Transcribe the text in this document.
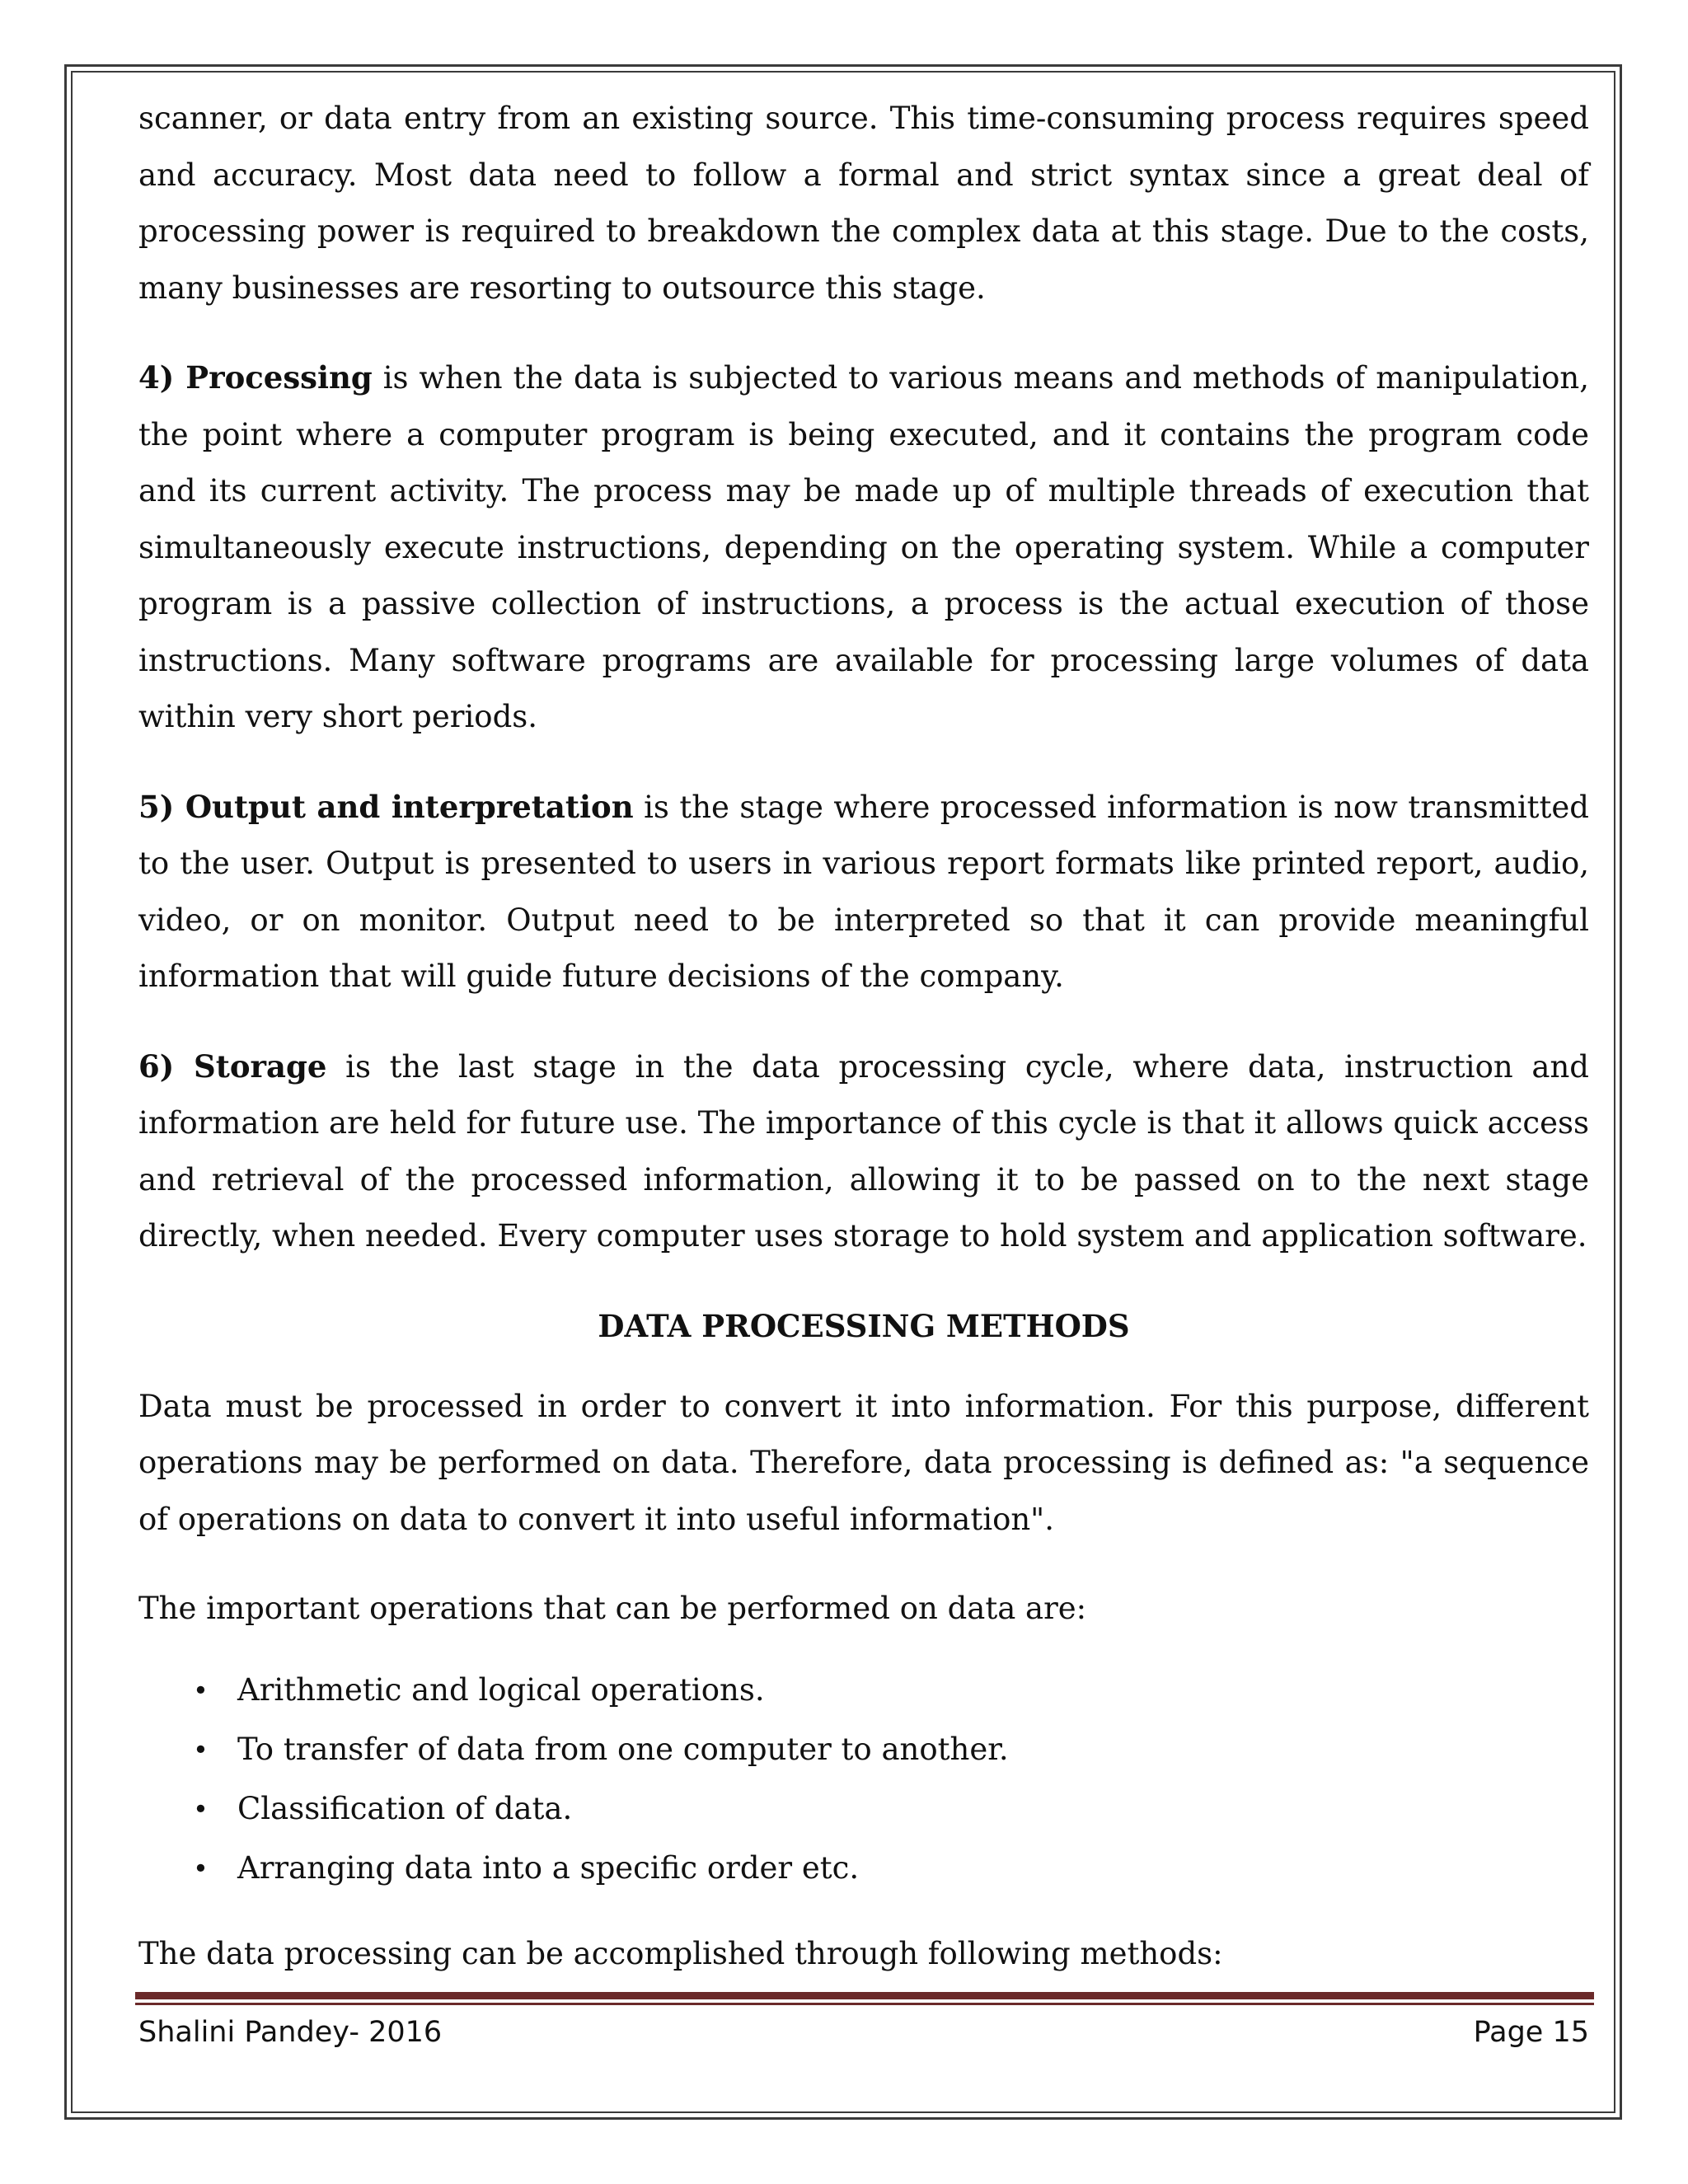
scanner, or data entry from an existing source. This time-consuming process requires speed and accuracy. Most data need to follow a formal and strict syntax since a great deal of processing power is required to breakdown the complex data at this stage. Due to the costs, many businesses are resorting to outsource this stage.

4) Processing is when the data is subjected to various means and methods of manipulation, the point where a computer program is being executed, and it contains the program code and its current activity. The process may be made up of multiple threads of execution that simultaneously execute instructions, depending on the operating system. While a computer program is a passive collection of instructions, a process is the actual execution of those instructions. Many software programs are available for processing large volumes of data within very short periods.

5) Output and interpretation is the stage where processed information is now transmitted to the user. Output is presented to users in various report formats like printed report, audio, video, or on monitor. Output need to be interpreted so that it can provide meaningful information that will guide future decisions of the company.

6) Storage is the last stage in the data processing cycle, where data, instruction and information are held for future use. The importance of this cycle is that it allows quick access and retrieval of the processed information, allowing it to be passed on to the next stage directly, when needed. Every computer uses storage to hold system and application software.

DATA PROCESSING METHODS

Data must be processed in order to convert it into information. For this purpose, different operations may be performed on data. Therefore, data processing is defined as: "a sequence of operations on data to convert it into useful information".

The important operations that can be performed on data are:

• Arithmetic and logical operations.
• To transfer of data from one computer to another.
• Classification of data.
• Arranging data into a specific order etc.

The data processing can be accomplished through following methods:

Shalini Pandey- 2016	Page 15
